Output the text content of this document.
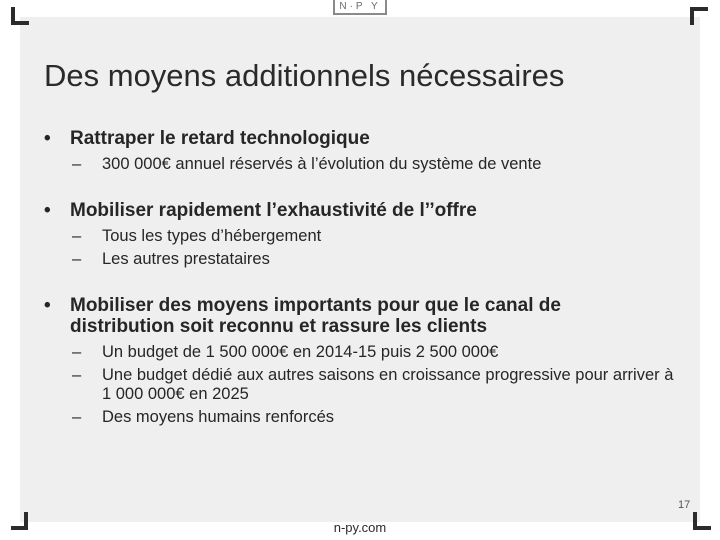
N·P Y
Des moyens additionnels nécessaires
• Rattraper le retard technologique
– 300 000€ annuel réservés à l’évolution du système de vente
• Mobiliser rapidement l’exhaustivité de l’’offre
– Tous les types d’hébergement
– Les autres prestataires
• Mobiliser des moyens importants pour que le canal de distribution soit reconnu et rassure les clients
– Un budget de 1 500 000€ en 2014-15 puis 2 500 000€
– Une budget dédié aux autres saisons en croissance progressive pour arriver à 1 000 000€ en 2025
– Des moyens humains renforcés
17
n-py.com
